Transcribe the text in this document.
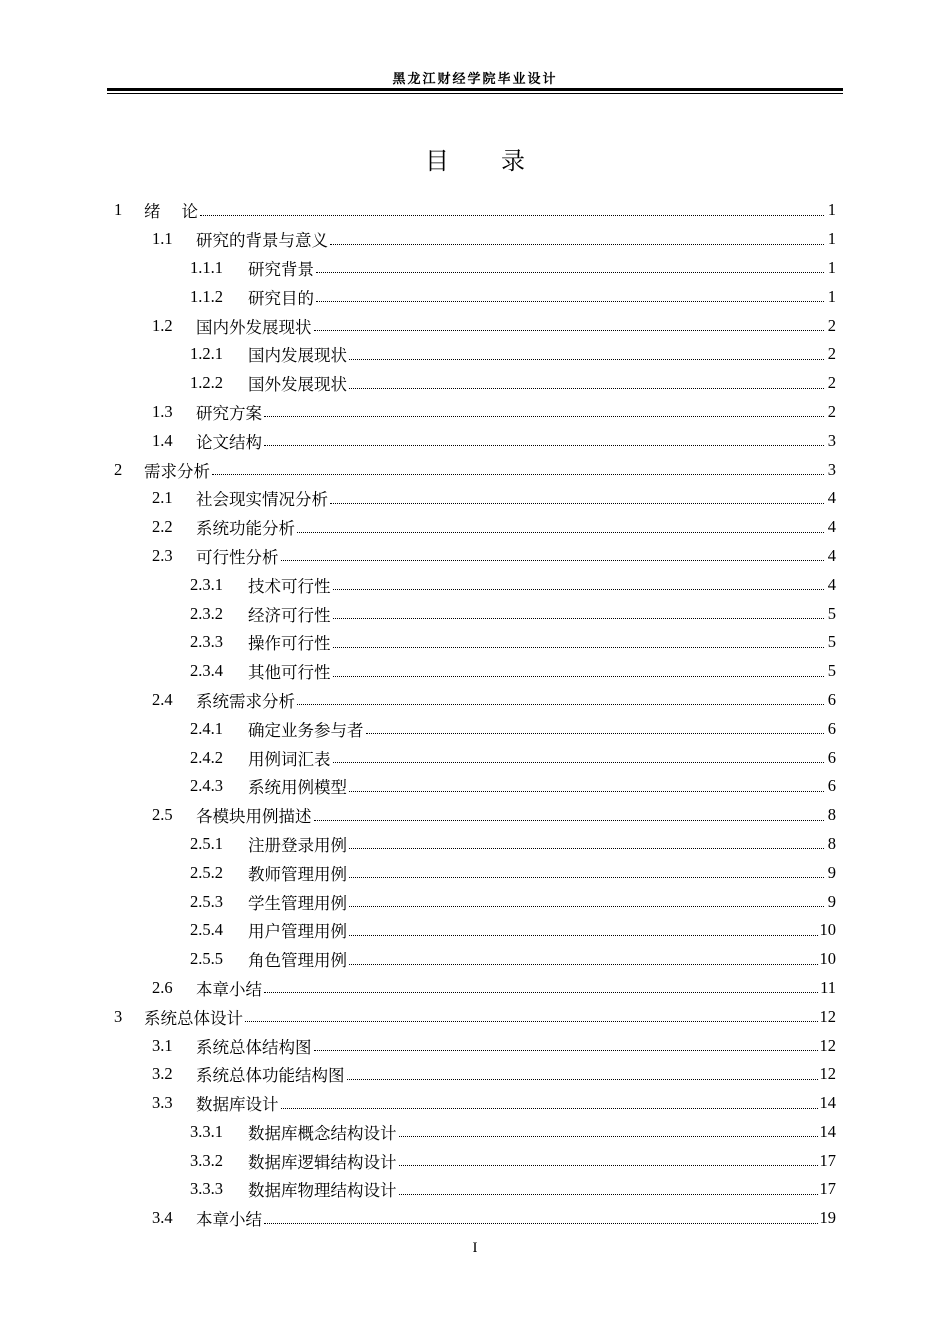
黑龙江财经学院毕业设计
目录
1	绪    论	1
1.1	研究的背景与意义	1
1.1.1	研究背景	1
1.1.2	研究目的	1
1.2	国内外发展现状	2
1.2.1	国内发展现状	2
1.2.2	国外发展现状	2
1.3	研究方案	2
1.4	论文结构	3
2	需求分析	3
2.1	社会现实情况分析	4
2.2	系统功能分析	4
2.3	可行性分析	4
2.3.1	技术可行性	4
2.3.2	经济可行性	5
2.3.3	操作可行性	5
2.3.4	其他可行性	5
2.4	系统需求分析	6
2.4.1	确定业务参与者	6
2.4.2	用例词汇表	6
2.4.3	系统用例模型	6
2.5	各模块用例描述	8
2.5.1	注册登录用例	8
2.5.2	教师管理用例	9
2.5.3	学生管理用例	9
2.5.4	用户管理用例	10
2.5.5	角色管理用例	10
2.6	本章小结	11
3	系统总体设计	12
3.1	系统总体结构图	12
3.2	系统总体功能结构图	12
3.3	数据库设计	14
3.3.1	数据库概念结构设计	14
3.3.2	数据库逻辑结构设计	17
3.3.3	数据库物理结构设计	17
3.4	本章小结	19
I
